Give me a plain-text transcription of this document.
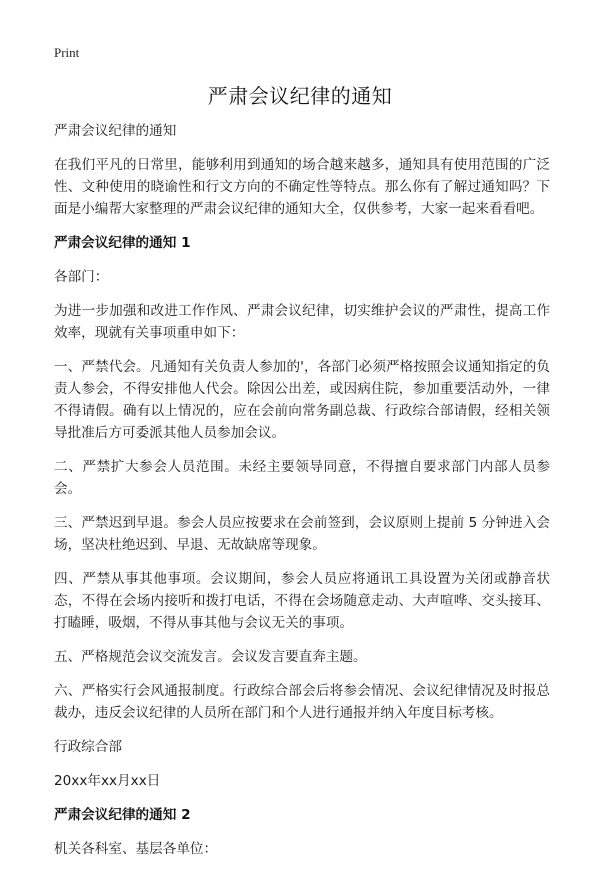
Print
严肃会议纪律的通知

严肃会议纪律的通知

在我们平凡的日常里，能够利用到通知的场合越来越多，通知具有使用范围的广泛性、文种使用的晓谕性和行文方向的不确定性等特点。那么你有了解过通知吗？下面是小编帮大家整理的严肃会议纪律的通知大全，仅供参考，大家一起来看看吧。

严肃会议纪律的通知 1

各部门：

为进一步加强和改进工作作风、严肃会议纪律，切实维护会议的严肃性，提高工作效率，现就有关事项重申如下：

一、严禁代会。凡通知有关负责人参加的'，各部门必须严格按照会议通知指定的负责人参会，不得安排他人代会。除因公出差，或因病住院，参加重要活动外，一律不得请假。确有以上情况的，应在会前向常务副总裁、行政综合部请假，经相关领导批准后方可委派其他人员参加会议。

二、严禁扩大参会人员范围。未经主要领导同意，不得擅自要求部门内部人员参会。

三、严禁迟到早退。参会人员应按要求在会前签到，会议原则上提前 5 分钟进入会场，坚决杜绝迟到、早退、无故缺席等现象。

四、严禁从事其他事项。会议期间，参会人员应将通讯工具设置为关闭或静音状态，不得在会场内接听和拨打电话，不得在会场随意走动、大声喧哗、交头接耳、打瞌睡，吸烟，不得从事其他与会议无关的事项。

五、严格规范会议交流发言。会议发言要直奔主题。

六、严格实行会风通报制度。行政综合部会后将参会情况、会议纪律情况及时报总裁办，违反会议纪律的人员所在部门和个人进行通报并纳入年度目标考核。

行政综合部

20xx年xx月xx日

严肃会议纪律的通知 2

机关各科室、基层各单位：
